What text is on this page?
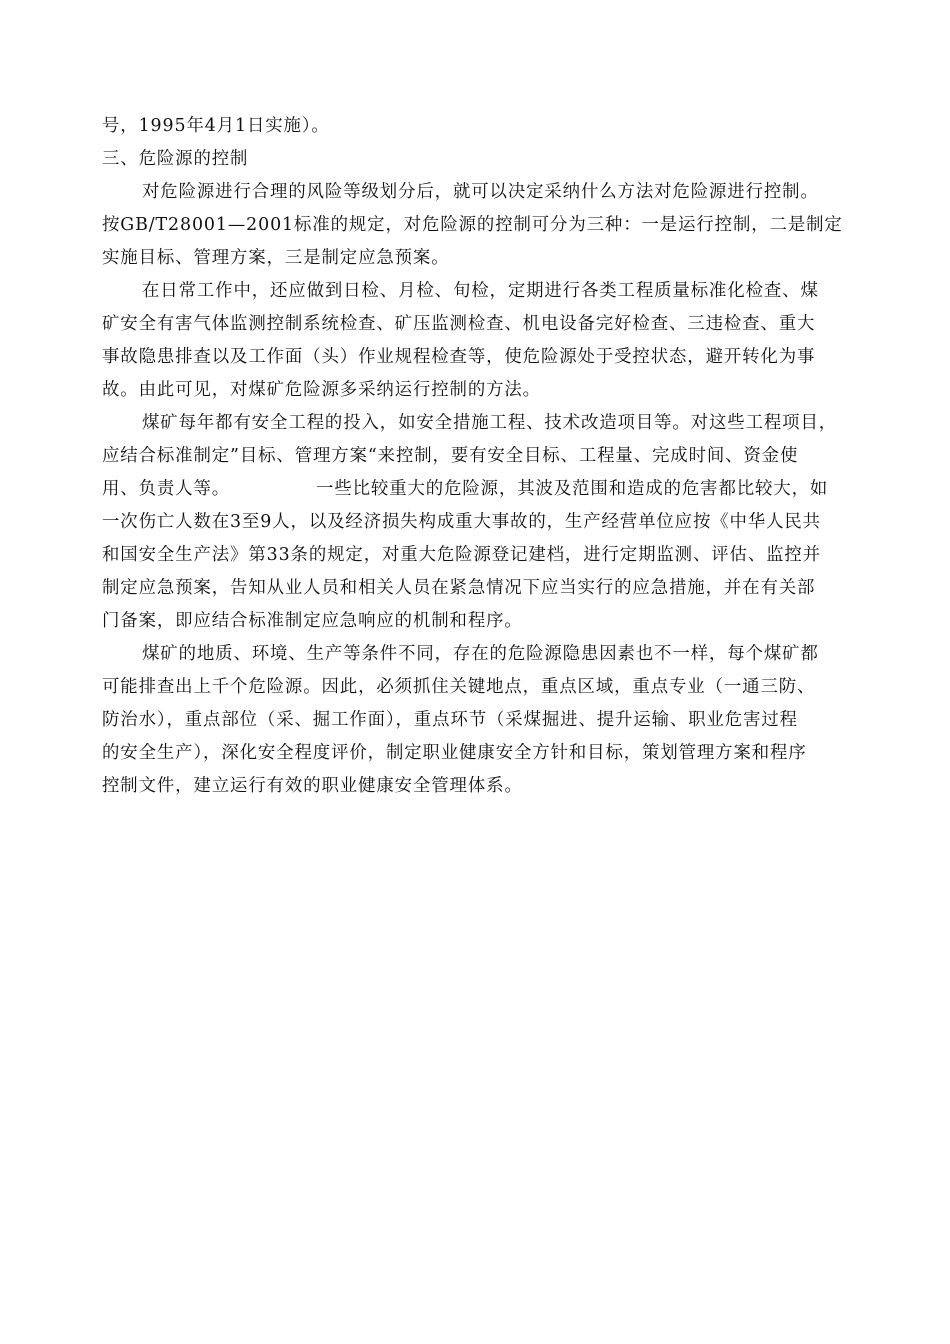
号，1995年4月1日实施）。
三、危险源的控制
对危险源进行合理的风险等级划分后，就可以决定采纳什么方法对危险源进行控制。
按GB/T28001—2001标准的规定，对危险源的控制可分为三种：一是运行控制，二是制定
实施目标、管理方案，三是制定应急预案。
在日常工作中，还应做到日检、月检、旬检，定期进行各类工程质量标准化检查、煤
矿安全有害气体监测控制系统检查、矿压监测检查、机电设备完好检查、三违检查、重大
事故隐患排查以及工作面（头）作业规程检查等，使危险源处于受控状态，避开转化为事
故。由此可见，对煤矿危险源多采纳运行控制的方法。
煤矿每年都有安全工程的投入，如安全措施工程、技术改造项目等。对这些工程项目，
应结合标准制定”目标、管理方案“来控制，要有安全目标、工程量、完成时间、资金使
用、负责人等。	一些比较重大的危险源，其波及范围和造成的危害都比较大，如
一次伤亡人数在3至9人，以及经济损失构成重大事故的，生产经营单位应按《中华人民共
和国安全生产法》第33条的规定，对重大危险源登记建档，进行定期监测、评估、监控并
制定应急预案，告知从业人员和相关人员在紧急情况下应当实行的应急措施，并在有关部
门备案，即应结合标准制定应急响应的机制和程序。
煤矿的地质、环境、生产等条件不同，存在的危险源隐患因素也不一样，每个煤矿都
可能排查出上千个危险源。因此，必须抓住关键地点，重点区域，重点专业（一通三防、
防治水），重点部位（采、掘工作面），重点环节（采煤掘进、提升运输、职业危害过程
的安全生产），深化安全程度评价，制定职业健康安全方针和目标，策划管理方案和程序
控制文件，建立运行有效的职业健康安全管理体系。
